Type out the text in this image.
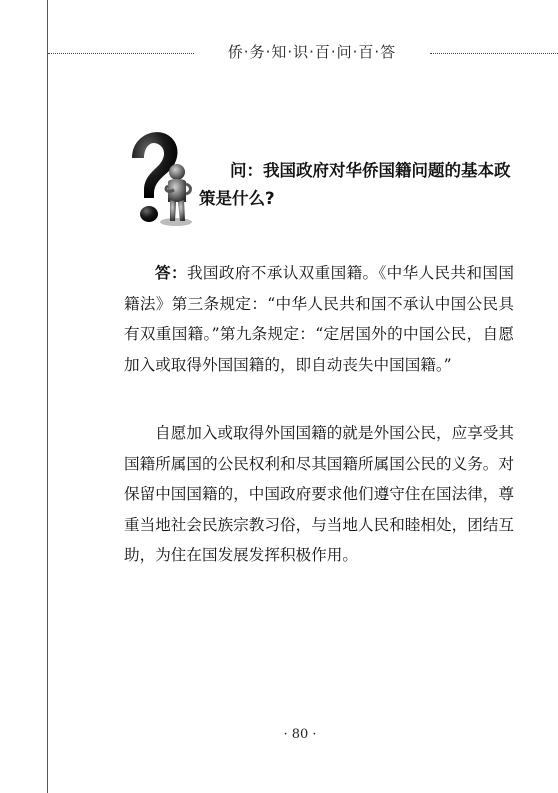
侨·务·知·识·百·问·百·答
问：我国政府对华侨国籍问题的基本政
策是什么?

答：我国政府不承认双重国籍。《中华人民共和国国籍法》第三条规定：“中华人民共和国不承认中国公民具有双重国籍。”第九条规定：“定居国外的中国公民，自愿加入或取得外国国籍的，即自动丧失中国国籍。”

自愿加入或取得外国国籍的就是外国公民，应享受其国籍所属国的公民权利和尽其国籍所属国公民的义务。对保留中国国籍的，中国政府要求他们遵守住在国法律，尊重当地社会民族宗教习俗，与当地人民和睦相处，团结互助，为住在国发展发挥积极作用。

· 80 ·
